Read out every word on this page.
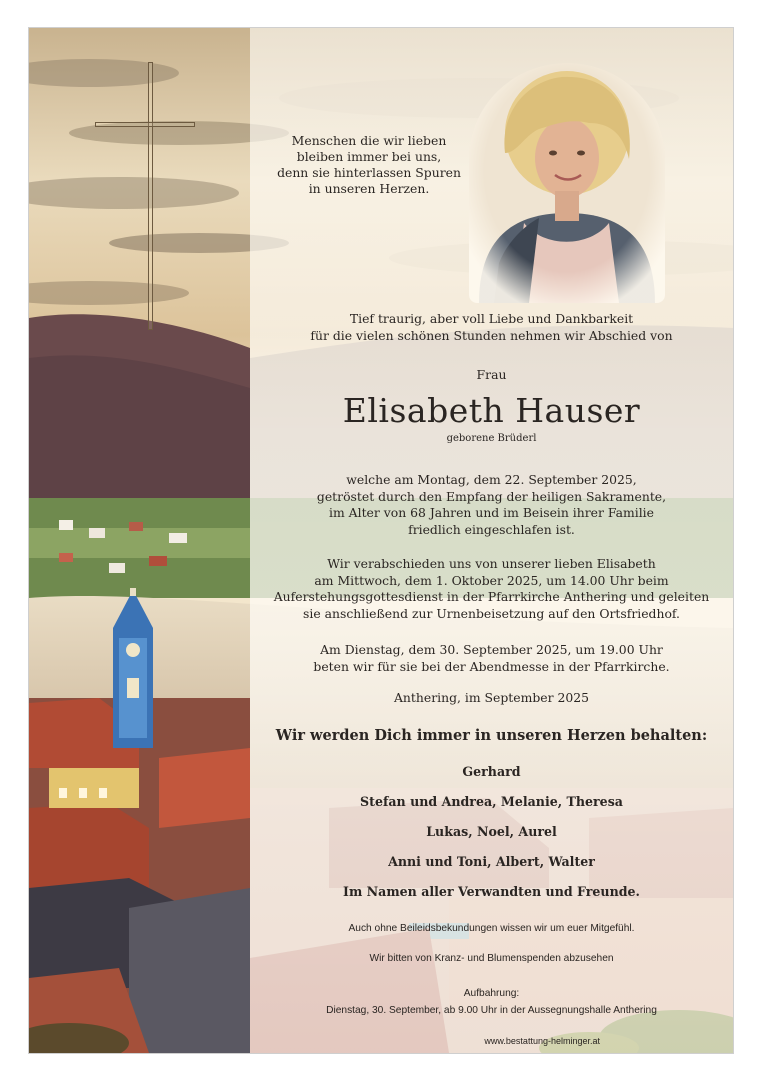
Menschen die wir lieben
bleiben immer bei uns,
denn sie hinterlassen Spuren
in unseren Herzen.
Tief traurig, aber voll Liebe und Dankbarkeit
für die vielen schönen Stunden nehmen wir Abschied von
Frau
Elisabeth Hauser
geborene Brüderl
welche am Montag, dem 22. September 2025,
getröstet durch den Empfang der heiligen Sakramente,
im Alter von 68 Jahren und im Beisein ihrer Familie
friedlich eingeschlafen ist.
Wir verabschieden uns von unserer lieben Elisabeth
am Mittwoch, dem 1. Oktober 2025, um 14.00 Uhr beim
Auferstehungsgottesdienst in der Pfarrkirche Anthering und geleiten
sie anschließend zur Urnenbeisetzung auf den Ortsfriedhof.
Am Dienstag, dem 30. September 2025, um 19.00 Uhr
beten wir für sie bei der Abendmesse in der Pfarrkirche.
Anthering, im September 2025
Wir werden Dich immer in unseren Herzen behalten:
Gerhard
Stefan und Andrea, Melanie, Theresa
Lukas, Noel, Aurel
Anni und Toni, Albert, Walter
Im Namen aller Verwandten und Freunde.
Auch ohne Beileidsbekundungen wissen wir um euer Mitgefühl.
Wir bitten von Kranz- und Blumenspenden abzusehen
Aufbahrung:
Dienstag, 30. September, ab 9.00 Uhr in der Aussegnungshalle Anthering
www.bestattung-helminger.at
